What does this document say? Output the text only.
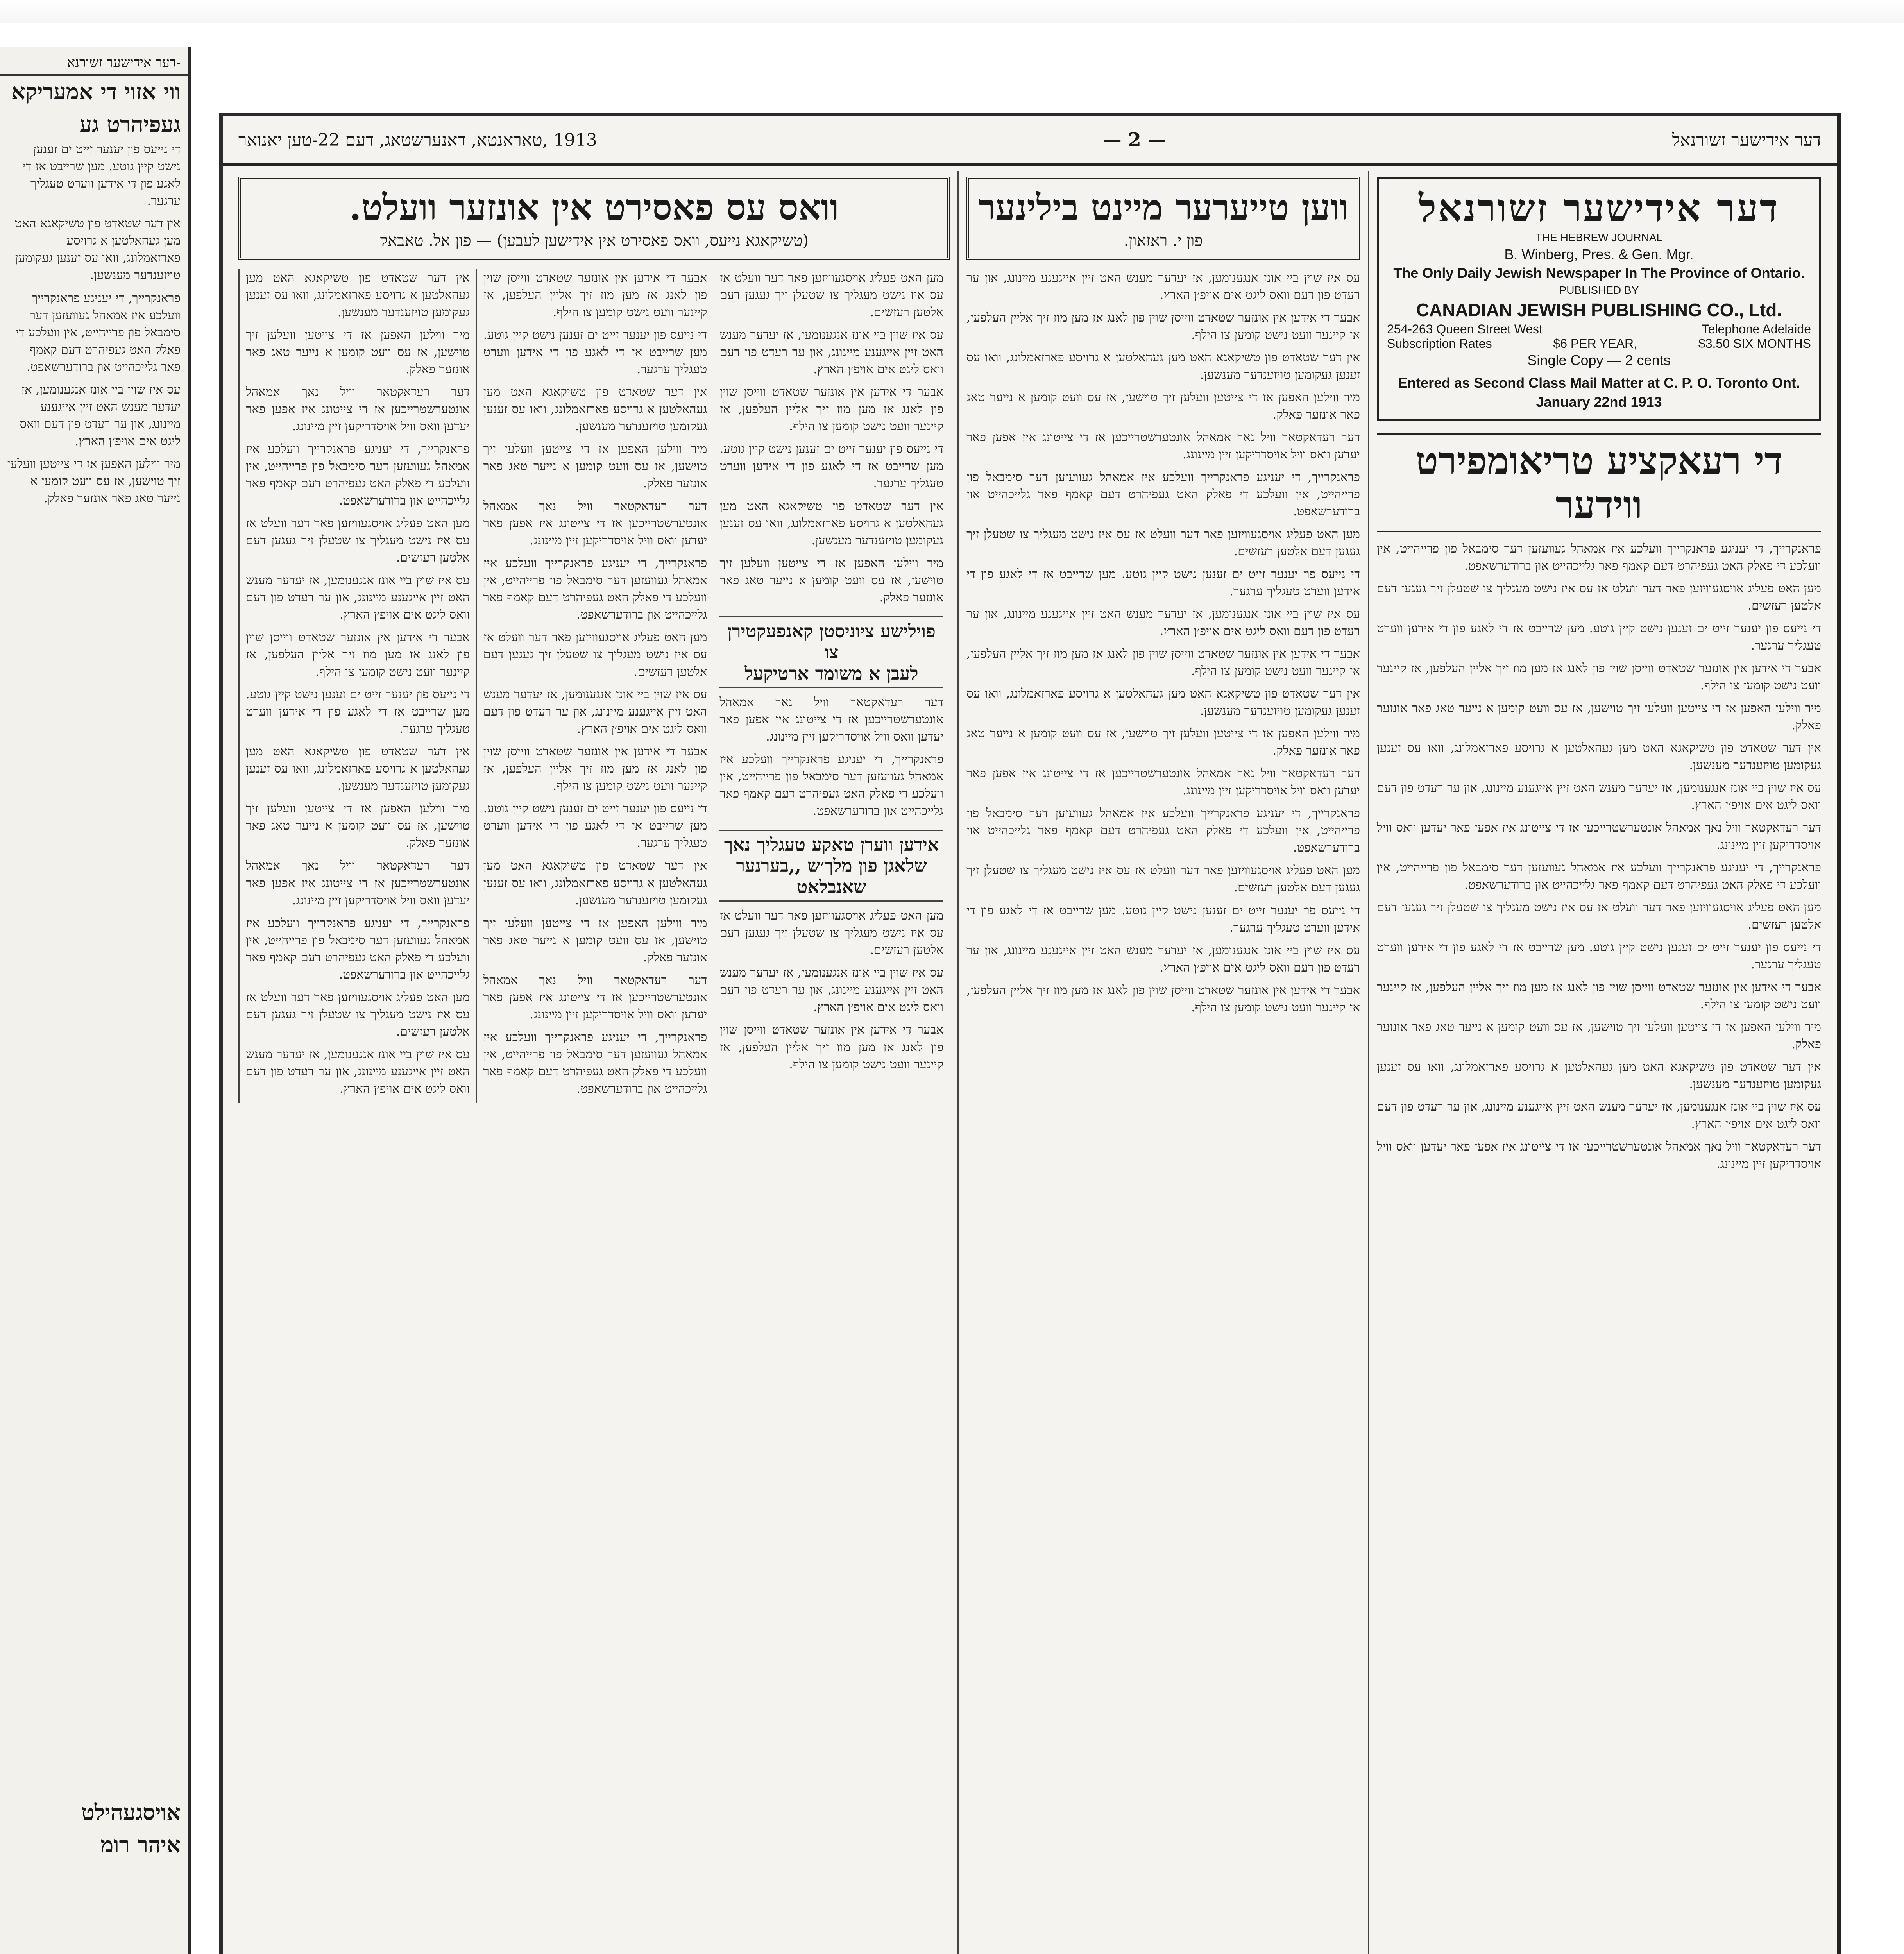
-דער אידישער זשורנא
ווי אזוי די אמעריקא
געפיהרט גע

די נייעס פון יענער זייט ים זענען נישט קיין גוטע. מען שרייבט אז די לאגע פון די אידען ווערט טעגליך ערגער.

אין דער שטאדט פון טשיקאגא האט מען געהאלטען א גרויסע פארזאמלונג, וואו עס זענען געקומען טויזענדער מענשען.

פראנקרייך, די יעניגע פראנקרייך וועלכע איז אמאהל געוועזען דער סימבאל פון פרייהייט, אין וועלכע די פאלק האט געפיהרט דעם קאמף פאר גלייכהייט און ברודערשאפט.

עס איז שוין ביי אונז אנגענומען, אז יעדער מענש האט זיין אייגענע מיינונג, און ער רעדט פון דעם וואס ליגט אים אויפ׳ן הארץ.

מיר ווילען האפען אז די צייטען וועלען זיך טוישען, אז עס וועט קומען א נייער טאג פאר אונזער פאלק.

אויסגעהילט
איהר רומ
דער אידישער זשורנאל
— 2 —
1913 ,טאראנטא, דאנערשטאג, דעם 22-טען יאנואר
דער אידישער זשורנאל
THE HEBREW JOURNAL
B. Winberg, Pres. & Gen. Mgr.
The Only Daily Jewish Newspaper In The Province of Ontario.
PUBLISHED BY
CANADIAN JEWISH PUBLISHING CO., Ltd.
254-263 Queen Street West	Telephone Adelaide
Subscription Rates	$6 PER YEAR,	$3.50 SIX MONTHS
Single Copy — 2 cents
Entered as Second Class Mail Matter at C. P. O. Toronto Ont.
January 22nd 1913
די רעאקציע טריאומפירט ווידער

פראנקרייך, די יעניגע פראנקרייך וועלכע איז אמאהל געוועזען דער סימבאל פון פרייהייט, אין וועלכע די פאלק האט געפיהרט דעם קאמף פאר גלייכהייט און ברודערשאפט.

מען האט פעליג אויסגעוויזען פאר דער וועלט אז עס איז נישט מעגליך צו שטעלן זיך געגען דעם אלטען רעזשים.

די נייעס פון יענער זייט ים זענען נישט קיין גוטע. מען שרייבט אז די לאגע פון די אידען ווערט טעגליך ערגער.

אבער די אידען אין אונזער שטאדט ווייסן שוין פון לאנג אז מען מוז זיך אליין העלפען, אז קיינער וועט נישט קומען צו הילף.

מיר ווילען האפען אז די צייטען וועלען זיך טוישען, אז עס וועט קומען א נייער טאג פאר אונזער פאלק.

אין דער שטאדט פון טשיקאגא האט מען געהאלטען א גרויסע פארזאמלונג, וואו עס זענען געקומען טויזענדער מענשען.

עס איז שוין ביי אונז אנגענומען, אז יעדער מענש האט זיין אייגענע מיינונג, און ער רעדט פון דעם וואס ליגט אים אויפ׳ן הארץ.

דער רעדאקטאר וויל נאך אמאהל אונטערשטרייכען אז די צייטונג איז אפען פאר יעדען וואס וויל אויסדריקען זיין מיינונג.

פראנקרייך, די יעניגע פראנקרייך וועלכע איז אמאהל געוועזען דער סימבאל פון פרייהייט, אין וועלכע די פאלק האט געפיהרט דעם קאמף פאר גלייכהייט און ברודערשאפט.

מען האט פעליג אויסגעוויזען פאר דער וועלט אז עס איז נישט מעגליך צו שטעלן זיך געגען דעם אלטען רעזשים.

די נייעס פון יענער זייט ים זענען נישט קיין גוטע. מען שרייבט אז די לאגע פון די אידען ווערט טעגליך ערגער.

אבער די אידען אין אונזער שטאדט ווייסן שוין פון לאנג אז מען מוז זיך אליין העלפען, אז קיינער וועט נישט קומען צו הילף.

מיר ווילען האפען אז די צייטען וועלען זיך טוישען, אז עס וועט קומען א נייער טאג פאר אונזער פאלק.

אין דער שטאדט פון טשיקאגא האט מען געהאלטען א גרויסע פארזאמלונג, וואו עס זענען געקומען טויזענדער מענשען.

עס איז שוין ביי אונז אנגענומען, אז יעדער מענש האט זיין אייגענע מיינונג, און ער רעדט פון דעם וואס ליגט אים אויפ׳ן הארץ.

דער רעדאקטאר וויל נאך אמאהל אונטערשטרייכען אז די צייטונג איז אפען פאר יעדען וואס וויל אויסדריקען זיין מיינונג.

ווען טייערער מיינט בילינער
פון י. ראזאון.

עס איז שוין ביי אונז אנגענומען, אז יעדער מענש האט זיין אייגענע מיינונג, און ער רעדט פון דעם וואס ליגט אים אויפ׳ן הארץ.

אבער די אידען אין אונזער שטאדט ווייסן שוין פון לאנג אז מען מוז זיך אליין העלפען, אז קיינער וועט נישט קומען צו הילף.

אין דער שטאדט פון טשיקאגא האט מען געהאלטען א גרויסע פארזאמלונג, וואו עס זענען געקומען טויזענדער מענשען.

מיר ווילען האפען אז די צייטען וועלען זיך טוישען, אז עס וועט קומען א נייער טאג פאר אונזער פאלק.

דער רעדאקטאר וויל נאך אמאהל אונטערשטרייכען אז די צייטונג איז אפען פאר יעדען וואס וויל אויסדריקען זיין מיינונג.

פראנקרייך, די יעניגע פראנקרייך וועלכע איז אמאהל געוועזען דער סימבאל פון פרייהייט, אין וועלכע די פאלק האט געפיהרט דעם קאמף פאר גלייכהייט און ברודערשאפט.

מען האט פעליג אויסגעוויזען פאר דער וועלט אז עס איז נישט מעגליך צו שטעלן זיך געגען דעם אלטען רעזשים.

די נייעס פון יענער זייט ים זענען נישט קיין גוטע. מען שרייבט אז די לאגע פון די אידען ווערט טעגליך ערגער.

עס איז שוין ביי אונז אנגענומען, אז יעדער מענש האט זיין אייגענע מיינונג, און ער רעדט פון דעם וואס ליגט אים אויפ׳ן הארץ.

אבער די אידען אין אונזער שטאדט ווייסן שוין פון לאנג אז מען מוז זיך אליין העלפען, אז קיינער וועט נישט קומען צו הילף.

אין דער שטאדט פון טשיקאגא האט מען געהאלטען א גרויסע פארזאמלונג, וואו עס זענען געקומען טויזענדער מענשען.

מיר ווילען האפען אז די צייטען וועלען זיך טוישען, אז עס וועט קומען א נייער טאג פאר אונזער פאלק.

דער רעדאקטאר וויל נאך אמאהל אונטערשטרייכען אז די צייטונג איז אפען פאר יעדען וואס וויל אויסדריקען זיין מיינונג.

פראנקרייך, די יעניגע פראנקרייך וועלכע איז אמאהל געוועזען דער סימבאל פון פרייהייט, אין וועלכע די פאלק האט געפיהרט דעם קאמף פאר גלייכהייט און ברודערשאפט.

מען האט פעליג אויסגעוויזען פאר דער וועלט אז עס איז נישט מעגליך צו שטעלן זיך געגען דעם אלטען רעזשים.

די נייעס פון יענער זייט ים זענען נישט קיין גוטע. מען שרייבט אז די לאגע פון די אידען ווערט טעגליך ערגער.

עס איז שוין ביי אונז אנגענומען, אז יעדער מענש האט זיין אייגענע מיינונג, און ער רעדט פון דעם וואס ליגט אים אויפ׳ן הארץ.

אבער די אידען אין אונזער שטאדט ווייסן שוין פון לאנג אז מען מוז זיך אליין העלפען, אז קיינער וועט נישט קומען צו הילף.

וואס עס פאסירט אין אונזער וועלט.
(טשיקאגא נייעס, וואס פאסירט אין אידישען לעבען) — פון אל. טאבאק

אין דער שטאדט פון טשיקאגא האט מען געהאלטען א גרויסע פארזאמלונג, וואו עס זענען געקומען טויזענדער מענשען.

מיר ווילען האפען אז די צייטען וועלען זיך טוישען, אז עס וועט קומען א נייער טאג פאר אונזער פאלק.

דער רעדאקטאר וויל נאך אמאהל אונטערשטרייכען אז די צייטונג איז אפען פאר יעדען וואס וויל אויסדריקען זיין מיינונג.

פראנקרייך, די יעניגע פראנקרייך וועלכע איז אמאהל געוועזען דער סימבאל פון פרייהייט, אין וועלכע די פאלק האט געפיהרט דעם קאמף פאר גלייכהייט און ברודערשאפט.

מען האט פעליג אויסגעוויזען פאר דער וועלט אז עס איז נישט מעגליך צו שטעלן זיך געגען דעם אלטען רעזשים.

עס איז שוין ביי אונז אנגענומען, אז יעדער מענש האט זיין אייגענע מיינונג, און ער רעדט פון דעם וואס ליגט אים אויפ׳ן הארץ.

אבער די אידען אין אונזער שטאדט ווייסן שוין פון לאנג אז מען מוז זיך אליין העלפען, אז קיינער וועט נישט קומען צו הילף.

די נייעס פון יענער זייט ים זענען נישט קיין גוטע. מען שרייבט אז די לאגע פון די אידען ווערט טעגליך ערגער.

אין דער שטאדט פון טשיקאגא האט מען געהאלטען א גרויסע פארזאמלונג, וואו עס זענען געקומען טויזענדער מענשען.

מיר ווילען האפען אז די צייטען וועלען זיך טוישען, אז עס וועט קומען א נייער טאג פאר אונזער פאלק.

דער רעדאקטאר וויל נאך אמאהל אונטערשטרייכען אז די צייטונג איז אפען פאר יעדען וואס וויל אויסדריקען זיין מיינונג.

פראנקרייך, די יעניגע פראנקרייך וועלכע איז אמאהל געוועזען דער סימבאל פון פרייהייט, אין וועלכע די פאלק האט געפיהרט דעם קאמף פאר גלייכהייט און ברודערשאפט.

מען האט פעליג אויסגעוויזען פאר דער וועלט אז עס איז נישט מעגליך צו שטעלן זיך געגען דעם אלטען רעזשים.

עס איז שוין ביי אונז אנגענומען, אז יעדער מענש האט זיין אייגענע מיינונג, און ער רעדט פון דעם וואס ליגט אים אויפ׳ן הארץ.

אבער די אידען אין אונזער שטאדט ווייסן שוין פון לאנג אז מען מוז זיך אליין העלפען, אז קיינער וועט נישט קומען צו הילף.

די נייעס פון יענער זייט ים זענען נישט קיין גוטע. מען שרייבט אז די לאגע פון די אידען ווערט טעגליך ערגער.

אין דער שטאדט פון טשיקאגא האט מען געהאלטען א גרויסע פארזאמלונג, וואו עס זענען געקומען טויזענדער מענשען.

מיר ווילען האפען אז די צייטען וועלען זיך טוישען, אז עס וועט קומען א נייער טאג פאר אונזער פאלק.

דער רעדאקטאר וויל נאך אמאהל אונטערשטרייכען אז די צייטונג איז אפען פאר יעדען וואס וויל אויסדריקען זיין מיינונג.

פראנקרייך, די יעניגע פראנקרייך וועלכע איז אמאהל געוועזען דער סימבאל פון פרייהייט, אין וועלכע די פאלק האט געפיהרט דעם קאמף פאר גלייכהייט און ברודערשאפט.

מען האט פעליג אויסגעוויזען פאר דער וועלט אז עס איז נישט מעגליך צו שטעלן זיך געגען דעם אלטען רעזשים.

עס איז שוין ביי אונז אנגענומען, אז יעדער מענש האט זיין אייגענע מיינונג, און ער רעדט פון דעם וואס ליגט אים אויפ׳ן הארץ.

אבער די אידען אין אונזער שטאדט ווייסן שוין פון לאנג אז מען מוז זיך אליין העלפען, אז קיינער וועט נישט קומען צו הילף.

די נייעס פון יענער זייט ים זענען נישט קיין גוטע. מען שרייבט אז די לאגע פון די אידען ווערט טעגליך ערגער.

אין דער שטאדט פון טשיקאגא האט מען געהאלטען א גרויסע פארזאמלונג, וואו עס זענען געקומען טויזענדער מענשען.

מיר ווילען האפען אז די צייטען וועלען זיך טוישען, אז עס וועט קומען א נייער טאג פאר אונזער פאלק.

דער רעדאקטאר וויל נאך אמאהל אונטערשטרייכען אז די צייטונג איז אפען פאר יעדען וואס וויל אויסדריקען זיין מיינונג.

פראנקרייך, די יעניגע פראנקרייך וועלכע איז אמאהל געוועזען דער סימבאל פון פרייהייט, אין וועלכע די פאלק האט געפיהרט דעם קאמף פאר גלייכהייט און ברודערשאפט.

מען האט פעליג אויסגעוויזען פאר דער וועלט אז עס איז נישט מעגליך צו שטעלן זיך געגען דעם אלטען רעזשים.

עס איז שוין ביי אונז אנגענומען, אז יעדער מענש האט זיין אייגענע מיינונג, און ער רעדט פון דעם וואס ליגט אים אויפ׳ן הארץ.

אבער די אידען אין אונזער שטאדט ווייסן שוין פון לאנג אז מען מוז זיך אליין העלפען, אז קיינער וועט נישט קומען צו הילף.

די נייעס פון יענער זייט ים זענען נישט קיין גוטע. מען שרייבט אז די לאגע פון די אידען ווערט טעגליך ערגער.

אין דער שטאדט פון טשיקאגא האט מען געהאלטען א גרויסע פארזאמלונג, וואו עס זענען געקומען טויזענדער מענשען.

מיר ווילען האפען אז די צייטען וועלען זיך טוישען, אז עס וועט קומען א נייער טאג פאר אונזער פאלק.

פוילישע ציוניסטן קאנפעקטירן צו
לעבן א משומד ארטיקעל

דער רעדאקטאר וויל נאך אמאהל אונטערשטרייכען אז די צייטונג איז אפען פאר יעדען וואס וויל אויסדריקען זיין מיינונג.

פראנקרייך, די יעניגע פראנקרייך וועלכע איז אמאהל געוועזען דער סימבאל פון פרייהייט, אין וועלכע די פאלק האט געפיהרט דעם קאמף פאר גלייכהייט און ברודערשאפט.

אידען ווערן טאקע טעגליך נאך
שלאגן פון מלך׳ש ,,בערנער
שאנבלאט

מען האט פעליג אויסגעוויזען פאר דער וועלט אז עס איז נישט מעגליך צו שטעלן זיך געגען דעם אלטען רעזשים.

עס איז שוין ביי אונז אנגענומען, אז יעדער מענש האט זיין אייגענע מיינונג, און ער רעדט פון דעם וואס ליגט אים אויפ׳ן הארץ.

אבער די אידען אין אונזער שטאדט ווייסן שוין פון לאנג אז מען מוז זיך אליין העלפען, אז קיינער וועט נישט קומען צו הילף.
